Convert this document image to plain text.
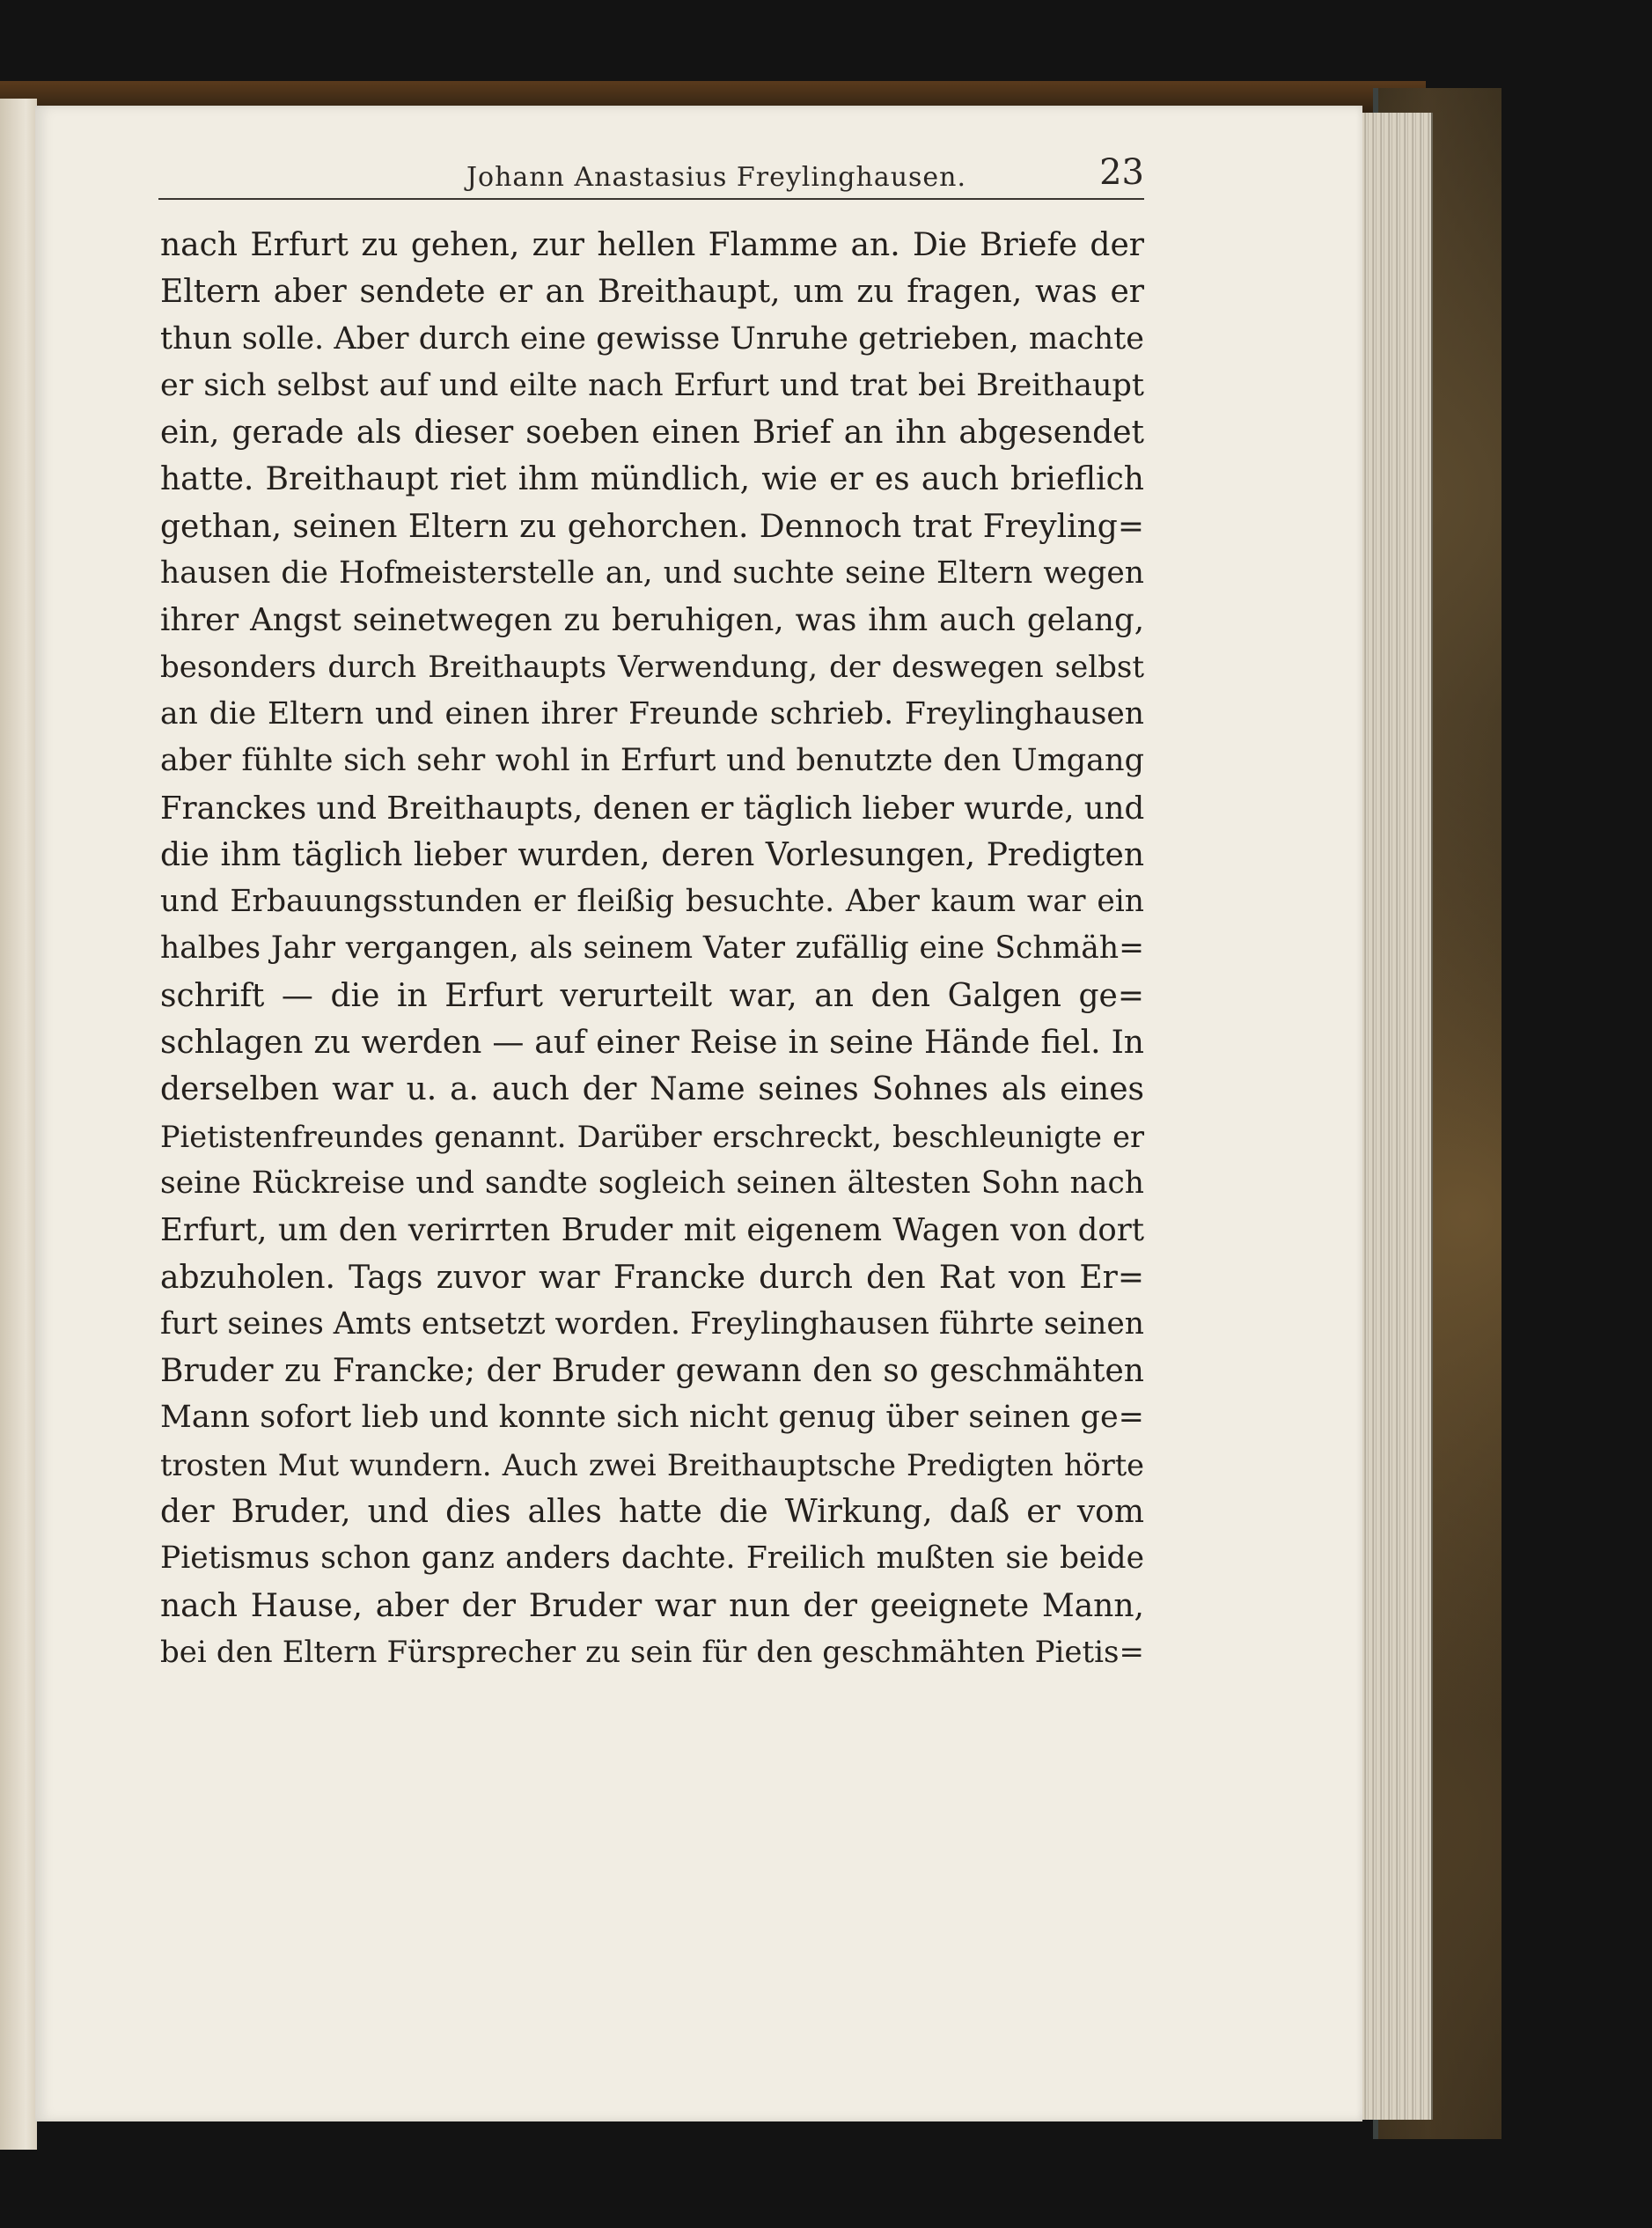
Johann Anastasius Freylinghausen.	23
nach Erfurt zu gehen, zur hellen Flamme an. Die Briefe der
Eltern aber sendete er an Breithaupt, um zu fragen, was er
thun solle. Aber durch eine gewisse Unruhe getrieben, machte
er sich selbst auf und eilte nach Erfurt und trat bei Breithaupt
ein, gerade als dieser soeben einen Brief an ihn abgesendet
hatte. Breithaupt riet ihm mündlich, wie er es auch brieflich
gethan, seinen Eltern zu gehorchen. Dennoch trat Freyling=
hausen die Hofmeisterstelle an, und suchte seine Eltern wegen
ihrer Angst seinetwegen zu beruhigen, was ihm auch gelang,
besonders durch Breithaupts Verwendung, der deswegen selbst
an die Eltern und einen ihrer Freunde schrieb. Freylinghausen
aber fühlte sich sehr wohl in Erfurt und benutzte den Umgang
Franckes und Breithaupts, denen er täglich lieber wurde, und
die ihm täglich lieber wurden, deren Vorlesungen, Predigten
und Erbauungsstunden er fleißig besuchte. Aber kaum war ein
halbes Jahr vergangen, als seinem Vater zufällig eine Schmäh=
schrift — die in Erfurt verurteilt war, an den Galgen ge=
schlagen zu werden — auf einer Reise in seine Hände fiel. In
derselben war u. a. auch der Name seines Sohnes als eines
Pietistenfreundes genannt. Darüber erschreckt, beschleunigte er
seine Rückreise und sandte sogleich seinen ältesten Sohn nach
Erfurt, um den verirrten Bruder mit eigenem Wagen von dort
abzuholen. Tags zuvor war Francke durch den Rat von Er=
furt seines Amts entsetzt worden. Freylinghausen führte seinen
Bruder zu Francke; der Bruder gewann den so geschmähten
Mann sofort lieb und konnte sich nicht genug über seinen ge=
trosten Mut wundern. Auch zwei Breithauptsche Predigten hörte
der Bruder, und dies alles hatte die Wirkung, daß er vom
Pietismus schon ganz anders dachte. Freilich mußten sie beide
nach Hause, aber der Bruder war nun der geeignete Mann,
bei den Eltern Fürsprecher zu sein für den geschmähten Pietis=
